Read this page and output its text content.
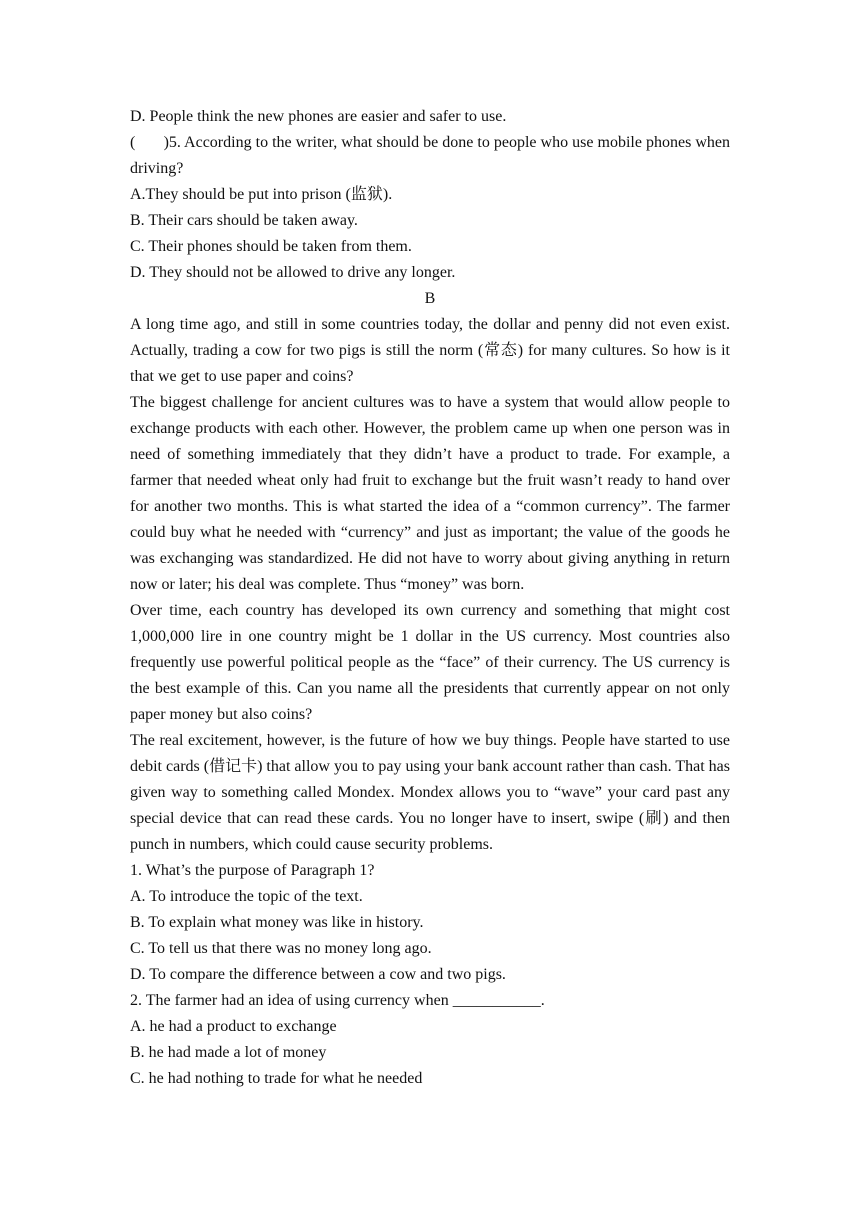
D. People think the new phones are easier and safer to use.
(       )5. According to the writer, what should be done to people who use mobile phones when driving?
A.They should be put into prison (监狱).
B. Their cars should be taken away.
C. Their phones should be taken from them.
D. They should not be allowed to drive any longer.
B
A long time ago, and still in some countries today, the dollar and penny did not even exist. Actually, trading a cow for two pigs is still the norm (常态) for many cultures. So how is it that we get to use paper and coins?
The biggest challenge for ancient cultures was to have a system that would allow people to exchange products with each other. However, the problem came up when one person was in need of something immediately that they didn’t have a product to trade. For example, a farmer that needed wheat only had fruit to exchange but the fruit wasn’t ready to hand over for another two months. This is what started the idea of a “common currency”. The farmer could buy what he needed with “currency” and just as important; the value of the goods he was exchanging was standardized. He did not have to worry about giving anything in return now or later; his deal was complete. Thus “money” was born.
Over time, each country has developed its own currency and something that might cost 1,000,000 lire in one country might be 1 dollar in the US currency. Most countries also frequently use powerful political people as the “face” of their currency. The US currency is the best example of this. Can you name all the presidents that currently appear on not only paper money but also coins?
The real excitement, however, is the future of how we buy things. People have started to use debit cards (借记卡) that allow you to pay using your bank account rather than cash. That has given way to something called Mondex. Mondex allows you to “wave” your card past any special device that can read these cards. You no longer have to insert, swipe (刷) and then punch in numbers, which could cause security problems.
1. What’s the purpose of Paragraph 1?
A. To introduce the topic of the text.
B. To explain what money was like in history.
C. To tell us that there was no money long ago.
D. To compare the difference between a cow and two pigs.
2. The farmer had an idea of using currency when ___________.
A. he had a product to exchange
B. he had made a lot of money
C. he had nothing to trade for what he needed
